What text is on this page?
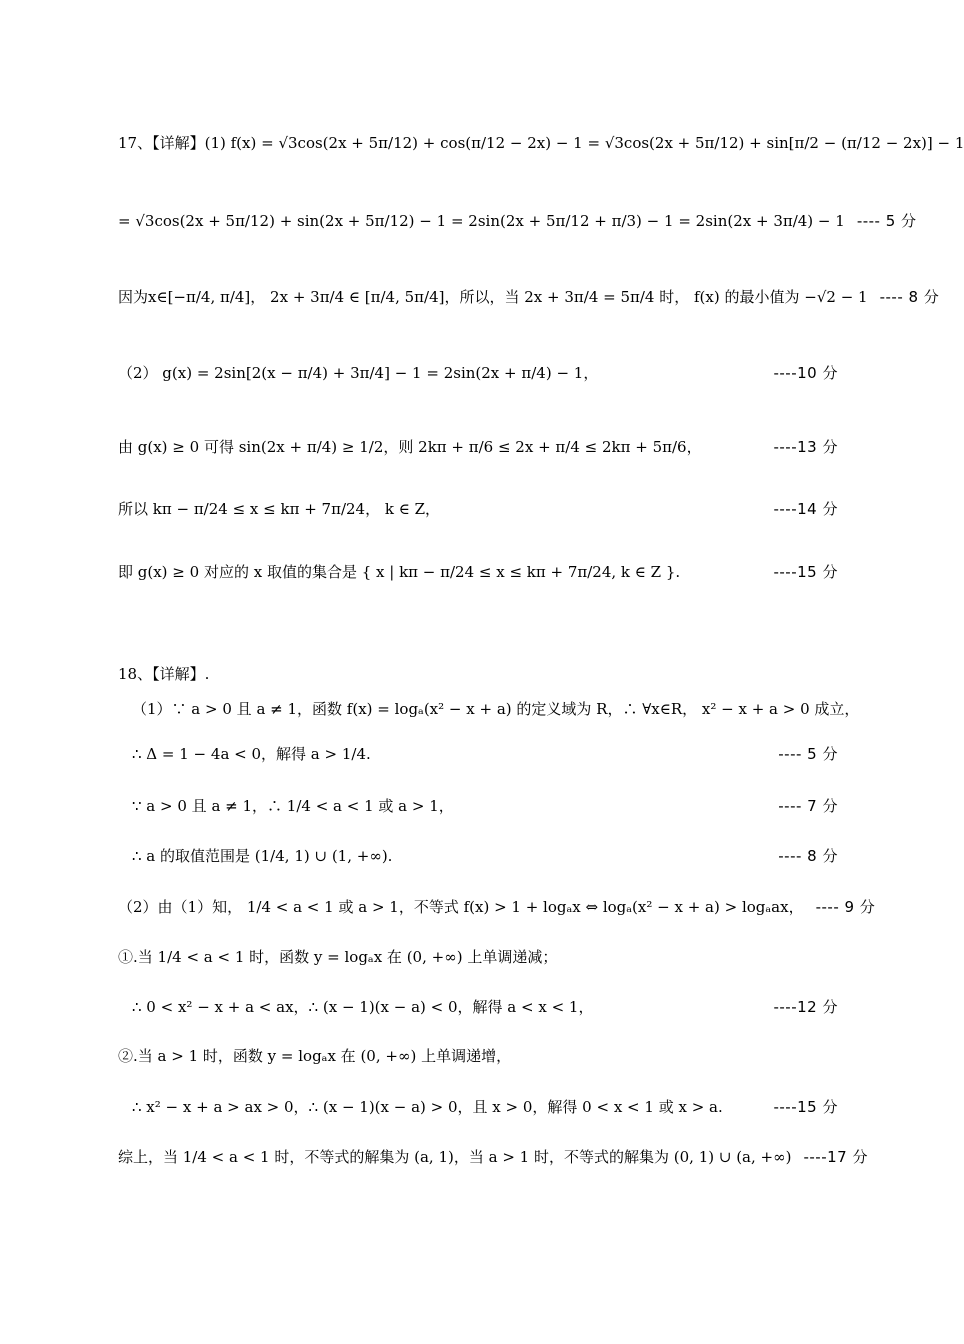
17、【详解】(1) f(x) = √3cos(2x + 5π/12) + cos(π/12 − 2x) − 1 = √3cos(2x + 5π/12) + sin[π/2 − (π/12 − 2x)] − 1
= √3cos(2x + 5π/12) + sin(2x + 5π/12) − 1 = 2sin(2x + 5π/12 + π/3) − 1 = 2sin(2x + 3π/4) − 1 ---- 5 分
因为x∈[−π/4, π/4]， 2x + 3π/4 ∈ [π/4, 5π/4]，所以，当 2x + 3π/4 = 5π/4 时， f(x) 的最小值为 −√2 − 1 ---- 8 分
（2） g(x) = 2sin[2(x − π/4) + 3π/4] − 1 = 2sin(2x + π/4) − 1，	----10 分
由 g(x) ≥ 0 可得 sin(2x + π/4) ≥ 1/2，则 2kπ + π/6 ≤ 2x + π/4 ≤ 2kπ + 5π/6，	----13 分
所以 kπ − π/24 ≤ x ≤ kπ + 7π/24， k ∈ Z，	----14 分
即 g(x) ≥ 0 对应的 x 取值的集合是 { x | kπ − π/24 ≤ x ≤ kπ + 7π/24, k ∈ Z }.	----15 分
18、【详解】.
（1）∵ a > 0 且 a ≠ 1，函数 f(x) = logₐ(x² − x + a) 的定义域为 R，∴ ∀x∈R， x² − x + a > 0 成立，
∴ Δ = 1 − 4a < 0，解得 a > 1/4.	---- 5 分
∵ a > 0 且 a ≠ 1，∴ 1/4 < a < 1 或 a > 1，	---- 7 分
∴ a 的取值范围是 (1/4, 1) ∪ (1, +∞).	---- 8 分
（2）由（1）知， 1/4 < a < 1 或 a > 1，不等式 f(x) > 1 + logₐx ⇔ logₐ(x² − x + a) > logₐax， ---- 9 分
①.当 1/4 < a < 1 时，函数 y = logₐx 在 (0, +∞) 上单调递减；
∴ 0 < x² − x + a < ax，∴ (x − 1)(x − a) < 0，解得 a < x < 1，	----12 分
②.当 a > 1 时，函数 y = logₐx 在 (0, +∞) 上单调递增，
∴ x² − x + a > ax > 0，∴ (x − 1)(x − a) > 0，且 x > 0，解得 0 < x < 1 或 x > a.	----15 分
综上，当 1/4 < a < 1 时，不等式的解集为 (a, 1)，当 a > 1 时，不等式的解集为 (0, 1) ∪ (a, +∞) ----17 分
